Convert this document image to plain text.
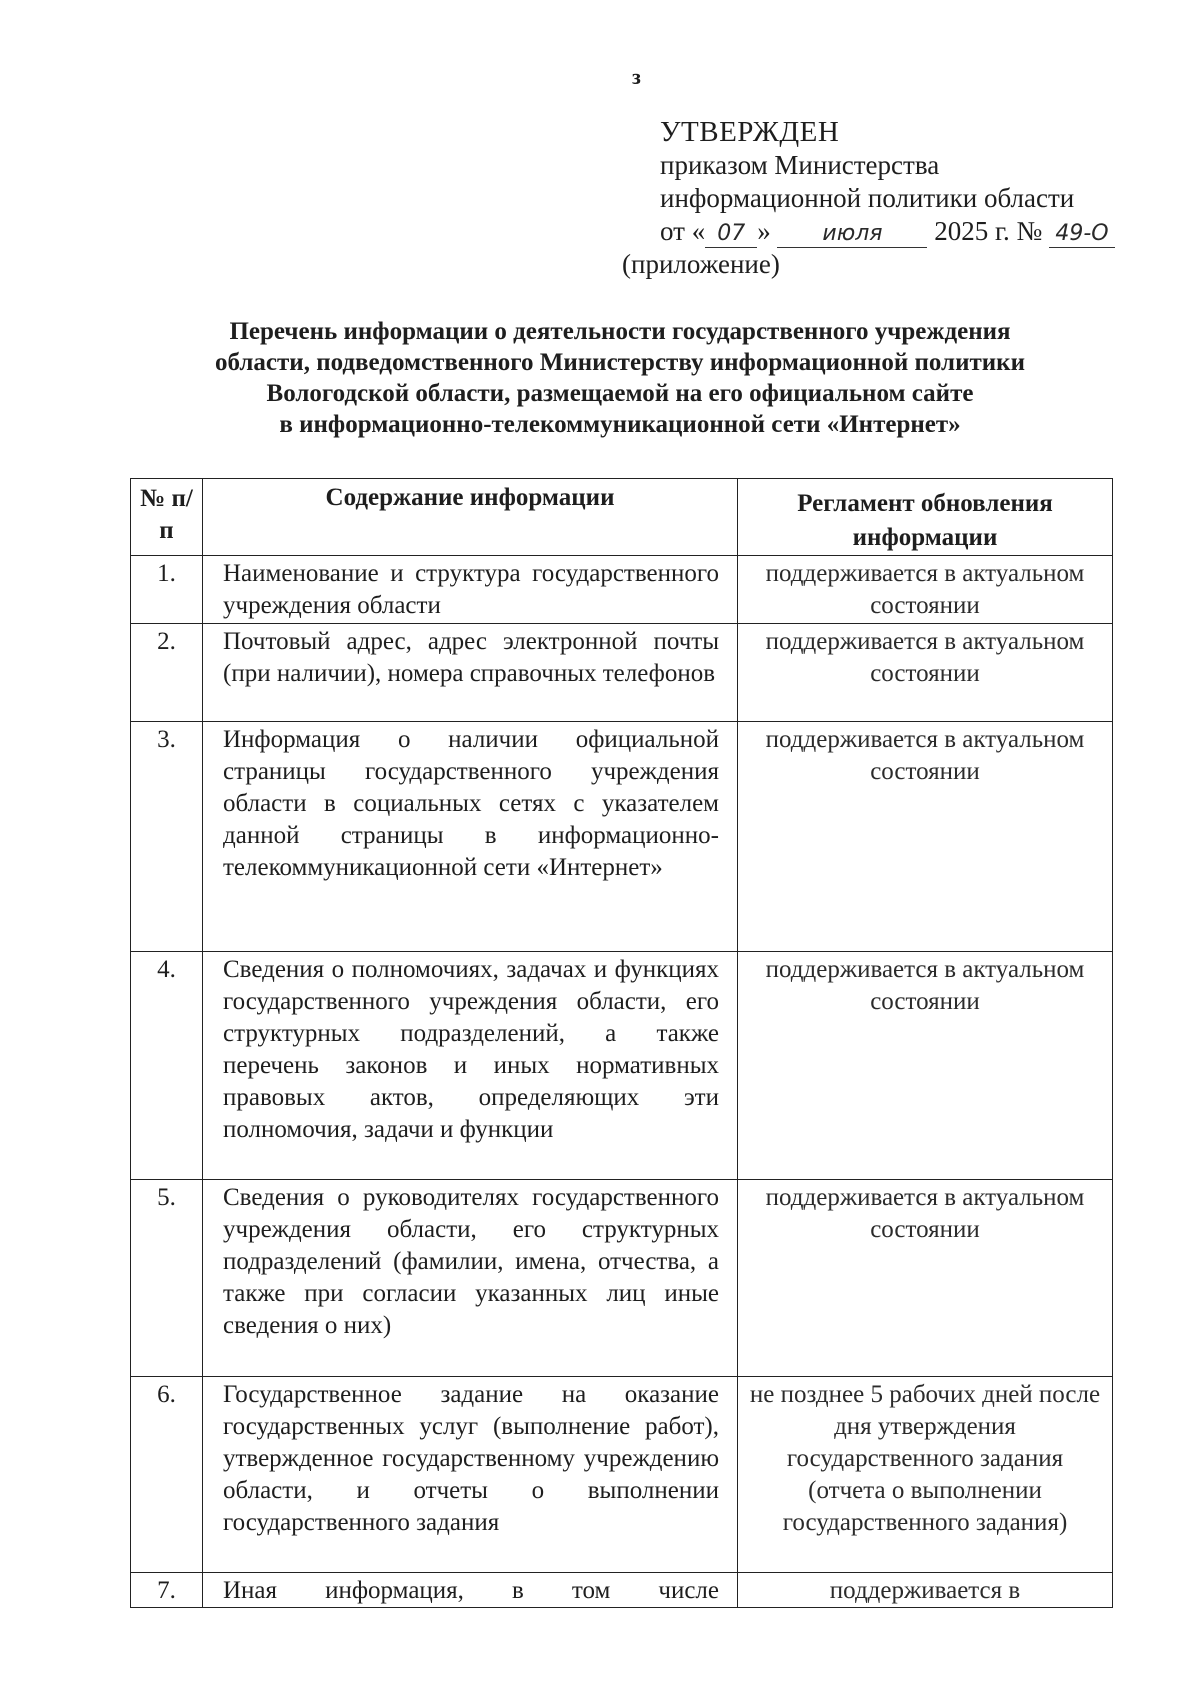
з
УТВЕРЖДЕН
приказом Министерства
информационной политики области
от « 07 » июля 2025 г. № 49-О
(приложение)
Перечень информации о деятельности государственного учреждения
области, подведомственного Министерству информационной политики
Вологодской области, размещаемой на его официальном сайте
в информационно-телекоммуникационной сети «Интернет»
№ п/п	Содержание информации	Регламент обновления информации
1.	Наименование и структура государственного учреждения области	поддерживается в актуальном состоянии
2.	Почтовый адрес, адрес электронной почты (при наличии), номера справочных телефонов	поддерживается в актуальном состоянии
3.	Информация о наличии официальной страницы государственного учреждения области в социальных сетях с указателем данной страницы в информационно-телекоммуникационной сети «Интернет»	поддерживается в актуальном состоянии
4.	Сведения о полномочиях, задачах и функциях государственного учреждения области, его структурных подразделений, а также перечень законов и иных нормативных правовых актов, определяющих эти полномочия, задачи и функции	поддерживается в актуальном состоянии
5.	Сведения о руководителях государственного учреждения области, его структурных подразделений (фамилии, имена, отчества, а также при согласии указанных лиц иные сведения о них)	поддерживается в актуальном состоянии
6.	Государственное задание на оказание государственных услуг (выполнение работ), утвержденное государственному учреждению области, и отчеты о выполнении государственного задания	не позднее 5 рабочих дней после дня утверждения государственного задания (отчета о выполнении государственного задания)
7.	Иная информация, в том числе	поддерживается в
